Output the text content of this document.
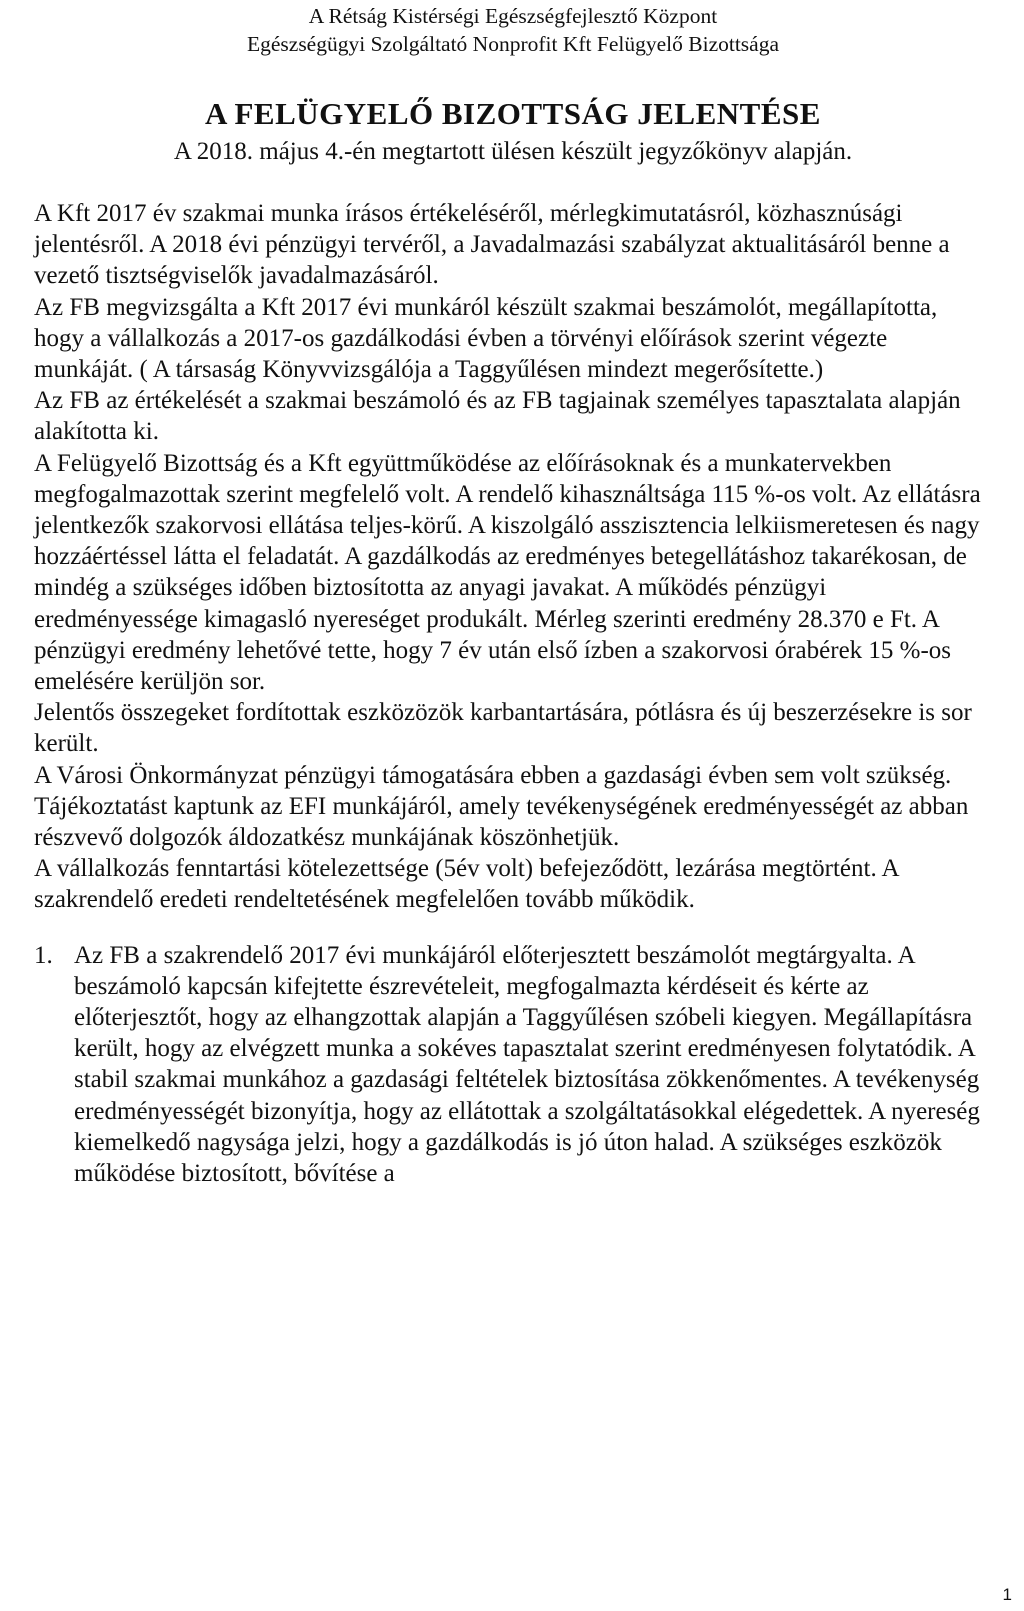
A Rétság Kistérségi Egészségfejlesztő Központ
Egészségügyi Szolgáltató Nonprofit Kft Felügyelő Bizottsága
A FELÜGYELŐ BIZOTTSÁG JELENTÉSE
A 2018. május 4.-én megtartott ülésen készült jegyzőkönyv alapján.

A Kft 2017 év szakmai munka írásos értékeléséről, mérlegkimutatásról, közhasznúsági jelentésről. A 2018 évi pénzügyi tervéről, a Javadalmazási szabályzat aktualitásáról benne a vezető tisztségviselők javadalmazásáról.

Az FB megvizsgálta a Kft 2017 évi munkáról készült szakmai beszámolót, megállapította, hogy a vállalkozás a 2017-os gazdálkodási évben a törvényi előírások szerint végezte munkáját. ( A társaság Könyvvizsgálója a Taggyűlésen mindezt megerősítette.)

Az FB az értékelését a szakmai beszámoló és az FB tagjainak személyes tapasztalata alapján alakította ki.

A Felügyelő Bizottság és a Kft együttműködése az előírásoknak és a munkatervekben megfogalmazottak szerint megfelelő volt. A rendelő kihasználtsága 115 %-os volt. Az ellátásra jelentkezők szakorvosi ellátása teljes-körű. A kiszolgáló asszisztencia lelkiismeretesen és nagy hozzáértéssel látta el feladatát. A gazdálkodás az eredményes betegellátáshoz takarékosan, de mindég a szükséges időben biztosította az anyagi javakat. A működés pénzügyi eredményessége kimagasló nyereséget produkált. Mérleg szerinti eredmény 28.370 e Ft. A pénzügyi eredmény lehetővé tette, hogy 7 év után első ízben a szakorvosi órabérek 15 %-os emelésére kerüljön sor.

Jelentős összegeket fordítottak eszközözök karbantartására, pótlásra és új beszerzésekre is sor került.

A Városi Önkormányzat pénzügyi támogatására ebben a gazdasági évben sem volt szükség.

Tájékoztatást kaptunk az EFI munkájáról, amely tevékenységének eredményességét az abban részvevő dolgozók áldozatkész munkájának köszönhetjük.

A vállalkozás fenntartási kötelezettsége (5év volt) befejeződött, lezárása megtörtént. A szakrendelő eredeti rendeltetésének megfelelően tovább működik.

1. Az FB a szakrendelő 2017 évi munkájáról előterjesztett beszámolót megtárgyalta. A beszámoló kapcsán kifejtette észrevételeit, megfogalmazta kérdéseit és kérte az előterjesztőt, hogy az elhangzottak alapján a Taggyűlésen szóbeli kiegyen. Megállapításra került, hogy az elvégzett munka a sokéves tapasztalat szerint eredményesen folytatódik. A stabil szakmai munkához a gazdasági feltételek biztosítása zökkenőmentes. A tevékenység eredményességét bizonyítja, hogy az ellátottak a szolgáltatásokkal elégedettek. A nyereség kiemelkedő nagysága jelzi, hogy a gazdálkodás is jó úton halad. A szükséges eszközök működése biztosított, bővítése a
1
